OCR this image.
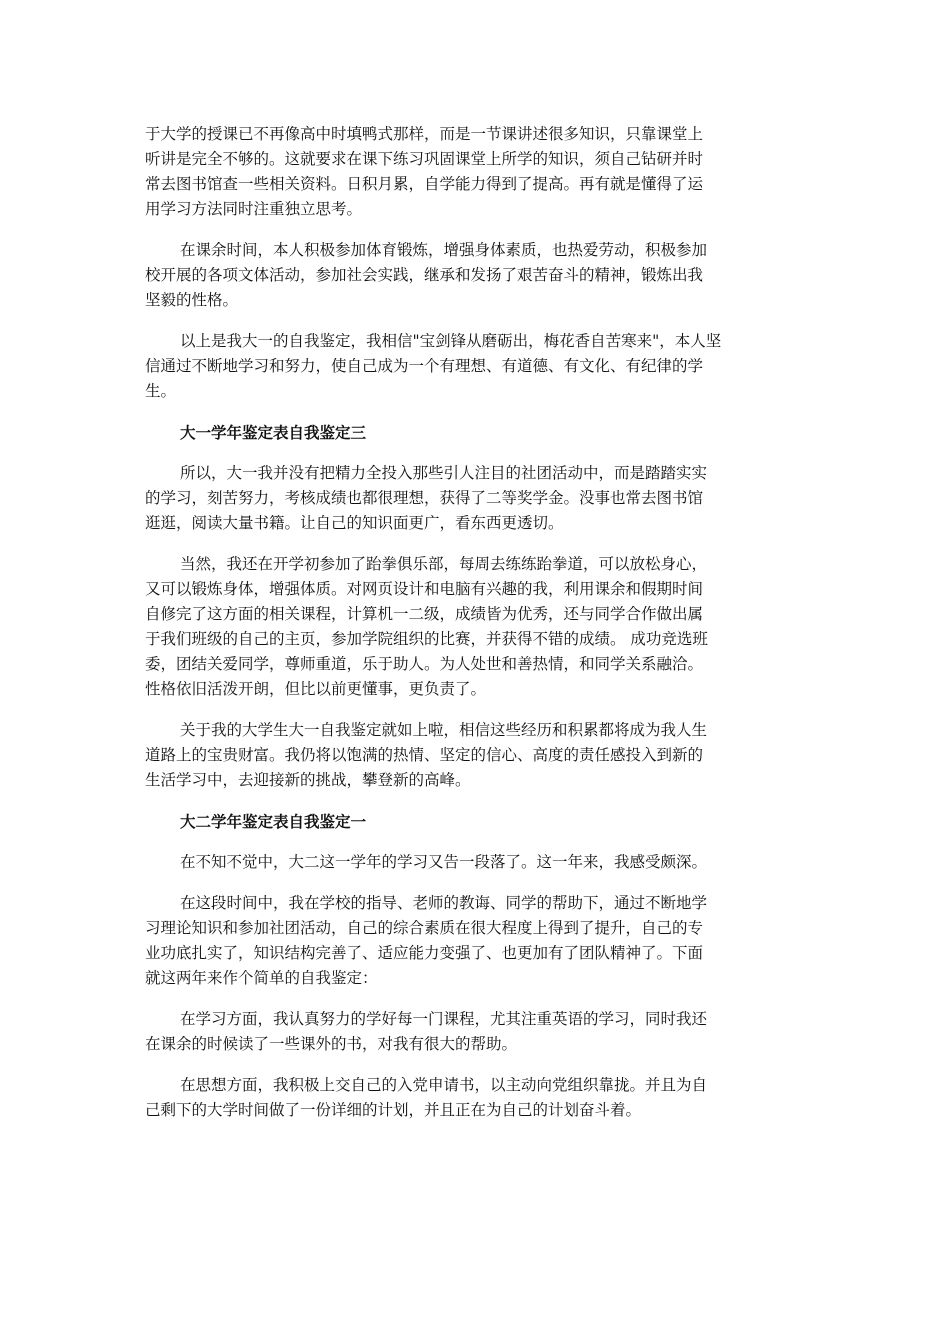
于大学的授课已不再像高中时填鸭式那样，而是一节课讲述很多知识，只靠课堂上
听讲是完全不够的。这就要求在课下练习巩固课堂上所学的知识，须自己钻研并时
常去图书馆查一些相关资料。日积月累，自学能力得到了提高。再有就是懂得了运
用学习方法同时注重独立思考。

在课余时间，本人积极参加体育锻炼，增强身体素质，也热爱劳动，积极参加
校开展的各项文体活动，参加社会实践，继承和发扬了艰苦奋斗的精神，锻炼出我
坚毅的性格。

以上是我大一的自我鉴定，我相信"宝剑锋从磨砺出，梅花香自苦寒来"，本人坚
信通过不断地学习和努力，使自己成为一个有理想、有道德、有文化、有纪律的学
生。

大一学年鉴定表自我鉴定三

所以，大一我并没有把精力全投入那些引人注目的社团活动中，而是踏踏实实
的学习，刻苦努力，考核成绩也都很理想，获得了二等奖学金。没事也常去图书馆
逛逛，阅读大量书籍。让自己的知识面更广，看东西更透切。

当然，我还在开学初参加了跆拳俱乐部，每周去练练跆拳道，可以放松身心，
又可以锻炼身体，增强体质。对网页设计和电脑有兴趣的我，利用课余和假期时间
自修完了这方面的相关课程，计算机一二级，成绩皆为优秀，还与同学合作做出属
于我们班级的自己的主页，参加学院组织的比赛，并获得不错的成绩。 成功竞选班
委，团结关爱同学，尊师重道，乐于助人。为人处世和善热情，和同学关系融洽。
性格依旧活泼开朗，但比以前更懂事，更负责了。

关于我的大学生大一自我鉴定就如上啦，相信这些经历和积累都将成为我人生
道路上的宝贵财富。我仍将以饱满的热情、坚定的信心、高度的责任感投入到新的
生活学习中，去迎接新的挑战，攀登新的高峰。

大二学年鉴定表自我鉴定一

在不知不觉中，大二这一学年的学习又告一段落了。这一年来，我感受颇深。

在这段时间中，我在学校的指导、老师的教诲、同学的帮助下，通过不断地学
习理论知识和参加社团活动，自己的综合素质在很大程度上得到了提升，自己的专
业功底扎实了，知识结构完善了、适应能力变强了、也更加有了团队精神了。下面
就这两年来作个简单的自我鉴定：

在学习方面，我认真努力的学好每一门课程，尤其注重英语的学习，同时我还
在课余的时候读了一些课外的书，对我有很大的帮助。

在思想方面，我积极上交自己的入党申请书，以主动向党组织靠拢。并且为自
己剩下的大学时间做了一份详细的计划，并且正在为自己的计划奋斗着。
